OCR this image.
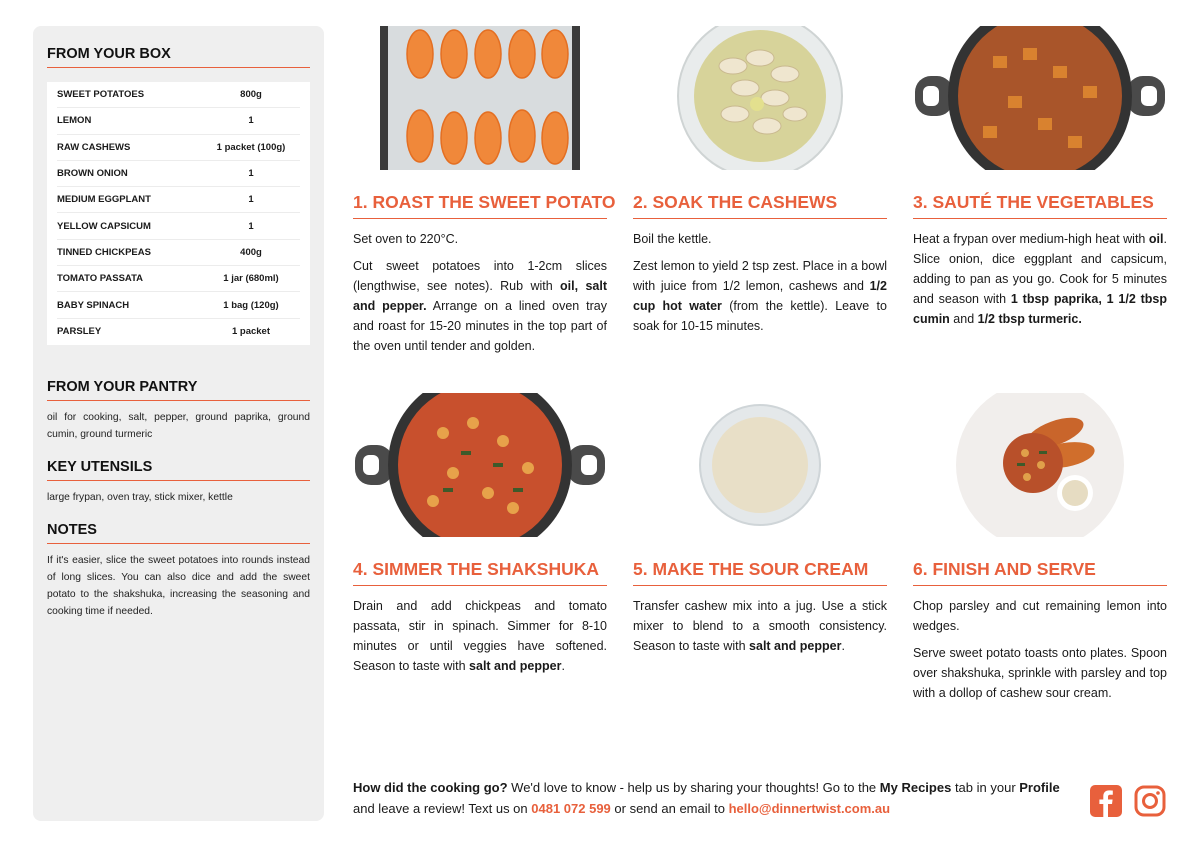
FROM YOUR BOX
SWEET POTATOES	800g
LEMON	1
RAW CASHEWS	1 packet (100g)
BROWN ONION	1
MEDIUM EGGPLANT	1
YELLOW CAPSICUM	1
TINNED CHICKPEAS	400g
TOMATO PASSATA	1 jar (680ml)
BABY SPINACH	1 bag (120g)
PARSLEY	1 packet
FROM YOUR PANTRY
oil for cooking, salt, pepper, ground paprika, ground cumin, ground turmeric
KEY UTENSILS
large frypan, oven tray, stick mixer, kettle
NOTES
If it's easier, slice the sweet potatoes into rounds instead of long slices. You can also dice and add the sweet potato to the shakshuka, increasing the seasoning and cooking time if needed.
1. ROAST THE SWEET POTATO

Set oven to 220°C.

Cut sweet potatoes into 1-2cm slices (lengthwise, see notes). Rub with oil, salt and pepper. Arrange on a lined oven tray and roast for 15-20 minutes in the top part of the oven until tender and golden.

2. SOAK THE CASHEWS

Boil the kettle.

Zest lemon to yield 2 tsp zest. Place in a bowl with juice from 1/2 lemon, cashews and 1/2 cup hot water (from the kettle). Leave to soak for 10-15 minutes.

3. SAUTÉ THE VEGETABLES

Heat a frypan over medium-high heat with oil. Slice onion, dice eggplant and capsicum, adding to pan as you go. Cook for 5 minutes and season with 1 tbsp paprika, 1 1/2 tbsp cumin and 1/2 tbsp turmeric.

4. SIMMER THE SHAKSHUKA

Drain and add chickpeas and tomato passata, stir in spinach. Simmer for 8-10 minutes or until veggies have softened. Season to taste with salt and pepper.

5. MAKE THE SOUR CREAM

Transfer cashew mix into a jug. Use a stick mixer to blend to a smooth consistency. Season to taste with salt and pepper.

6. FINISH AND SERVE

Chop parsley and cut remaining lemon into wedges.

Serve sweet potato toasts onto plates. Spoon over shakshuka, sprinkle with parsley and top with a dollop of cashew sour cream.

How did the cooking go? We'd love to know - help us by sharing your thoughts! Go to the My Recipes tab in your Profile and leave a review! Text us on 0481 072 599 or send an email to hello@dinnertwist.com.au
